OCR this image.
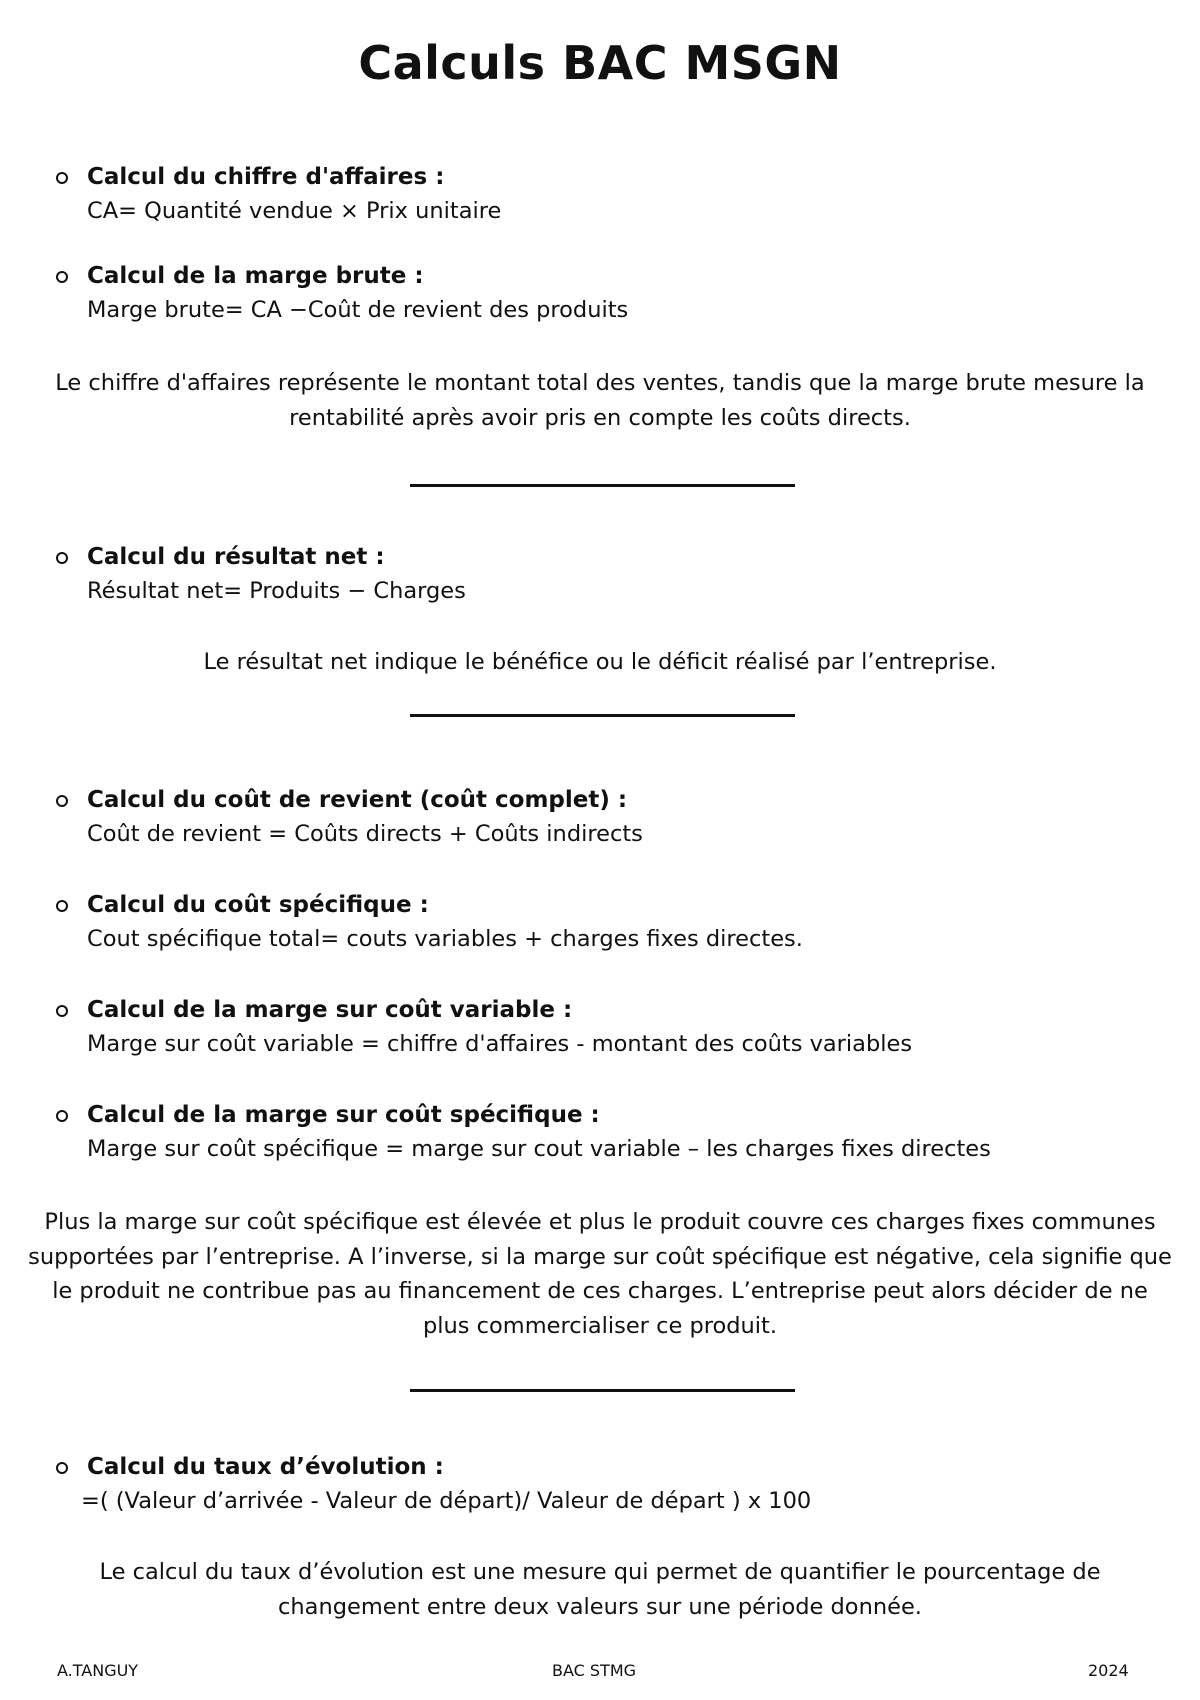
Calculs BAC MSGN
Calcul du chiffre d'affaires :
CA= Quantité vendue × Prix unitaire
Calcul de la marge brute :
Marge brute= CA −Coût de revient des produits

Le chiffre d'affaires représente le montant total des ventes, tandis que la marge brute mesure la
rentabilité après avoir pris en compte les coûts directs.

Calcul du résultat net :
Résultat net= Produits − Charges

Le résultat net indique le bénéfice ou le déficit réalisé par l’entreprise.

Calcul du coût de revient (coût complet) :
Coût de revient = Coûts directs + Coûts indirects
Calcul du coût spécifique :
Cout spécifique total= couts variables + charges fixes directes.
Calcul de la marge sur coût variable :
Marge sur coût variable = chiffre d'affaires - montant des coûts variables
Calcul de la marge sur coût spécifique :
Marge sur coût spécifique = marge sur cout variable – les charges fixes directes

Plus la marge sur coût spécifique est élevée et plus le produit couvre ces charges fixes communes
supportées par l’entreprise. A l’inverse, si la marge sur coût spécifique est négative, cela signifie que
le produit ne contribue pas au financement de ces charges. L’entreprise peut alors décider de ne
plus commercialiser ce produit.

Calcul du taux d’évolution :
=( (Valeur d’arrivée - Valeur de départ)/ Valeur de départ ) x 100

Le calcul du taux d’évolution est une mesure qui permet de quantifier le pourcentage de
changement entre deux valeurs sur une période donnée.

A.TANGUY	BAC STMG	2024
